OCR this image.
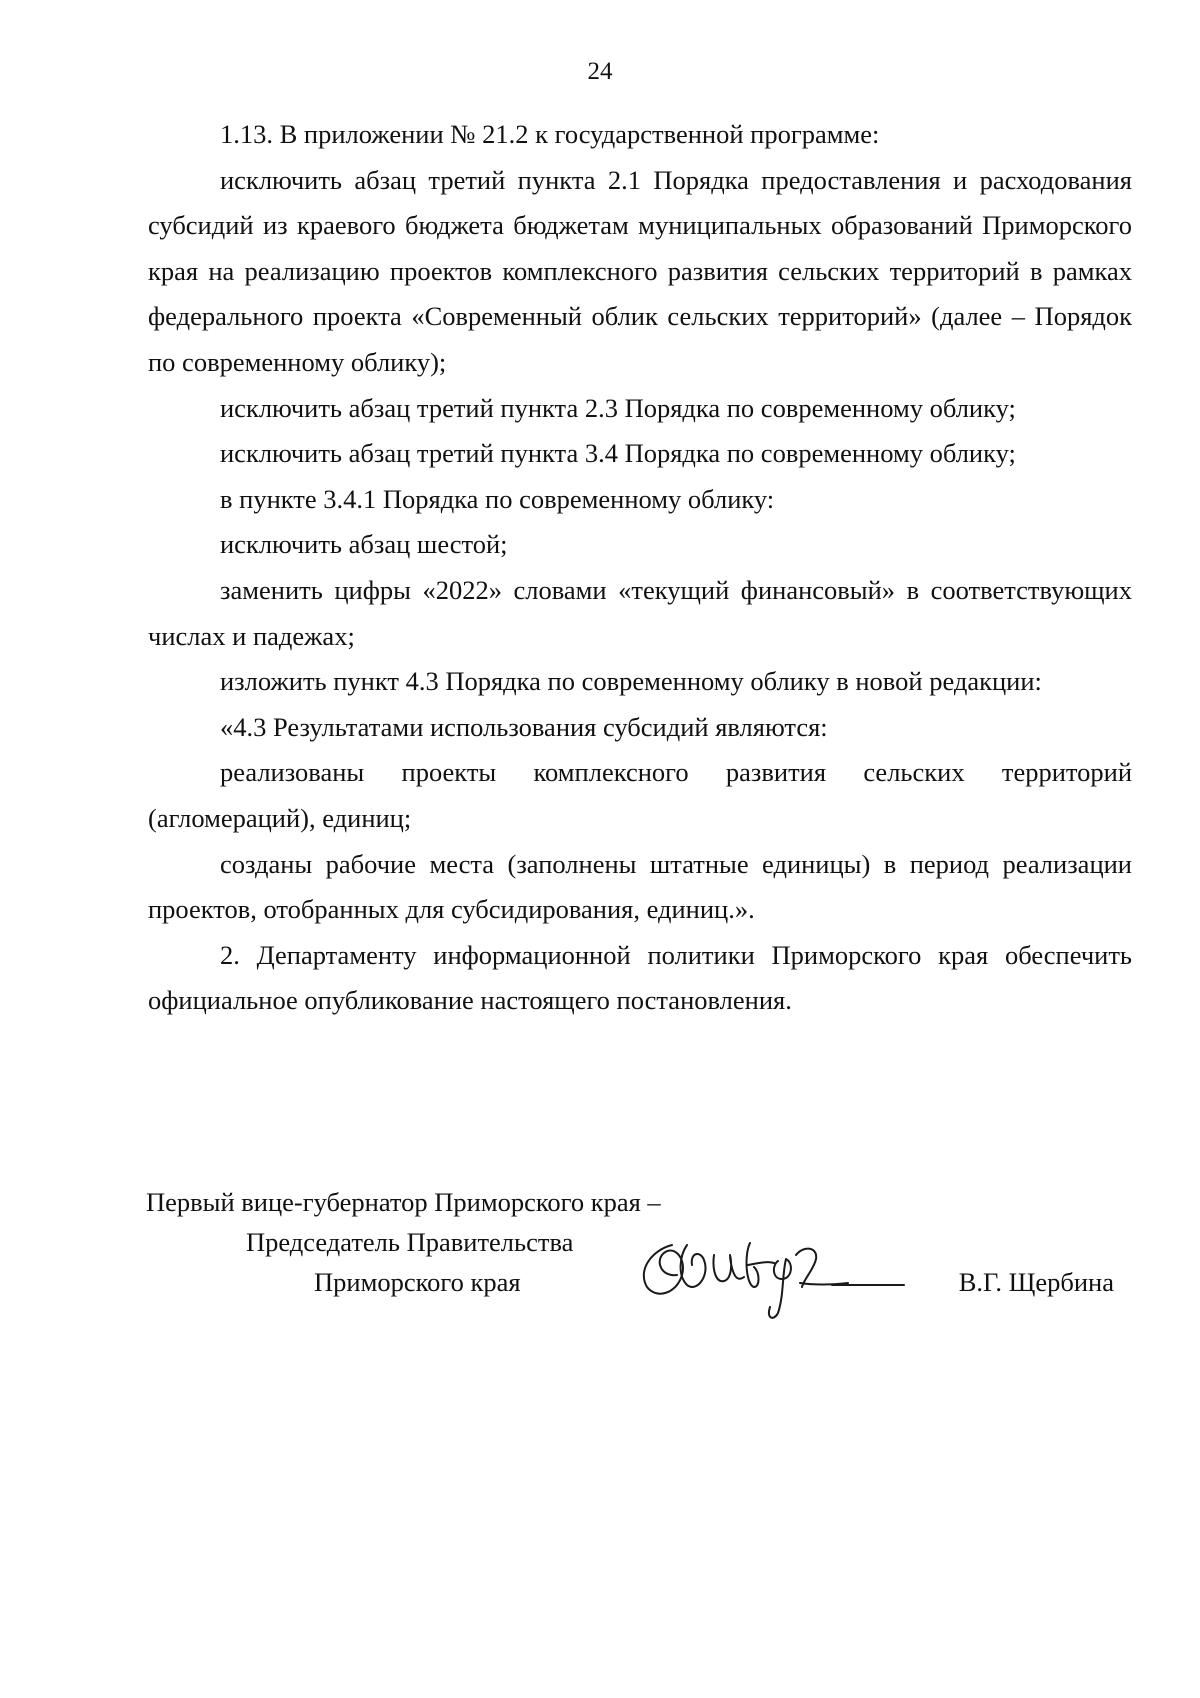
24

1.13. В приложении № 21.2 к государственной программе:

исключить абзац третий пункта 2.1 Порядка предоставления и расходования субсидий из краевого бюджета бюджетам муниципальных образований Приморского края на реализацию проектов комплексного развития сельских территорий в рамках федерального проекта «Современный облик сельских территорий» (далее – Порядок по современному облику);

исключить абзац третий пункта 2.3 Порядка по современному облику;

исключить абзац третий пункта 3.4 Порядка по современному облику;

в пункте 3.4.1 Порядка по современному облику:

исключить абзац шестой;

заменить цифры «2022» словами «текущий финансовый» в соответствующих числах и падежах;

изложить пункт 4.3 Порядка по современному облику в новой редакции:

«4.3 Результатами использования субсидий являются:

реализованы проекты комплексного развития сельских территорий (агломераций), единиц;

созданы рабочие места (заполнены штатные единицы) в период реализации проектов, отобранных для субсидирования, единиц.».

2. Департаменту информационной политики Приморского края обеспечить официальное опубликование настоящего постановления.

Первый вице-губернатор Приморского края –
Председатель Правительства
Приморского края	В.Г. Щербина
